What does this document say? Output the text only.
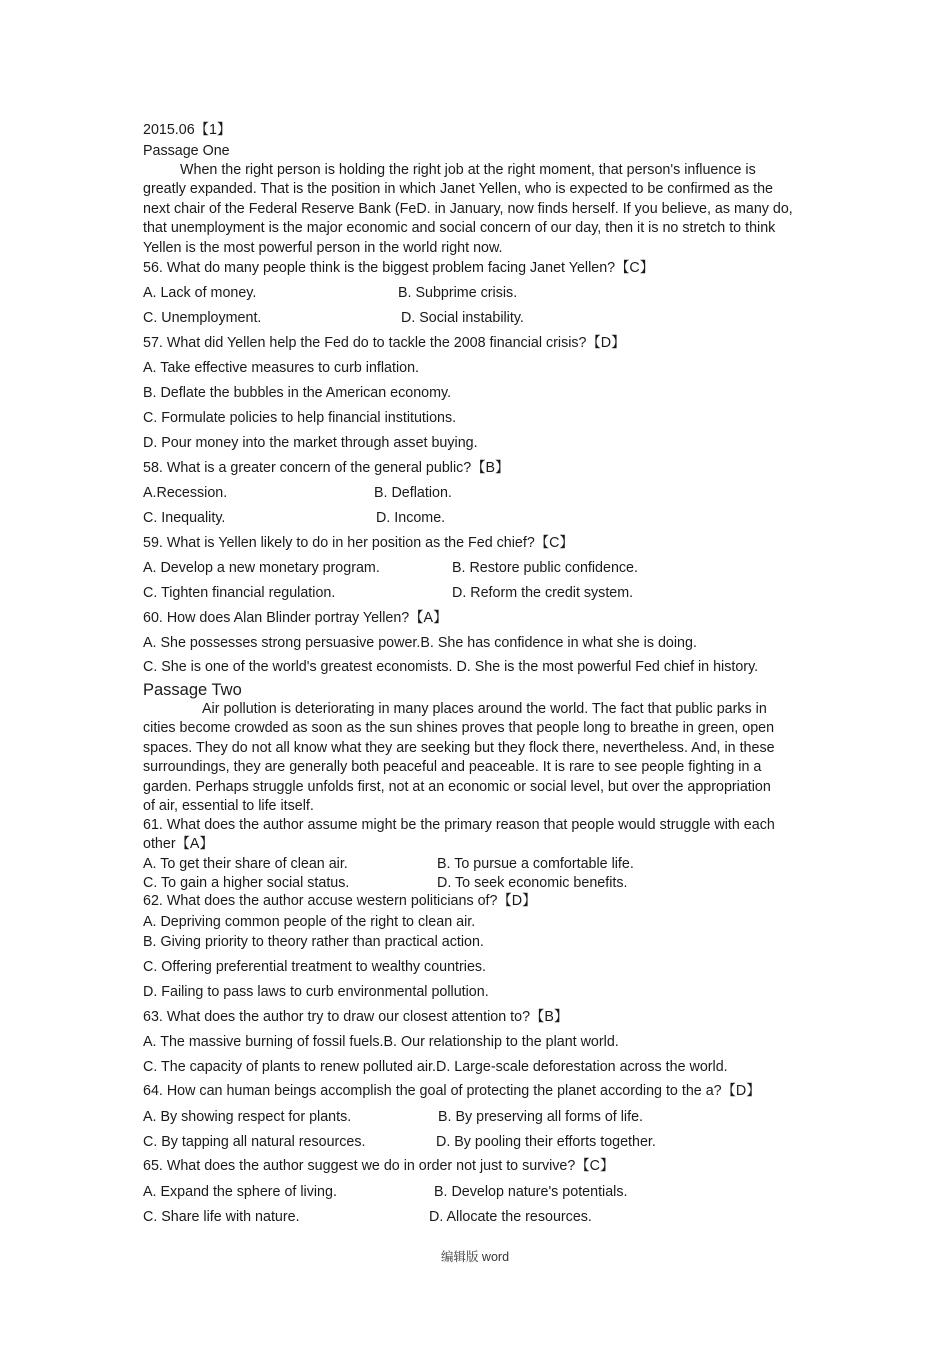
2015.06【1】
Passage One
When the right person is holding the right job at the right moment, that person's influence is
greatly expanded. That is the position in which Janet Yellen, who is expected to be confirmed as the
next chair of the Federal Reserve Bank (FeD. in January, now finds herself. If you believe, as many do,
that unemployment is the major economic and social concern of our day, then it is no stretch to think
Yellen is the most powerful person in the world right now.
56. What do many people think is the biggest problem facing Janet Yellen?【C】
A. Lack of money.	B. Subprime crisis.
C. Unemployment.	D. Social instability.
57. What did Yellen help the Fed do to tackle the 2008 financial crisis?【D】
A. Take effective measures to curb inflation.
B. Deflate the bubbles in the American economy.
C. Formulate policies to help financial institutions.
D. Pour money into the market through asset buying.
58. What is a greater concern of the general public?【B】
A.Recession.	B. Deflation.
C. Inequality.	D. Income.
59. What is Yellen likely to do in her position as the Fed chief?【C】
A. Develop a new monetary program.	B. Restore public confidence.
C. Tighten financial regulation.	D. Reform the credit system.
60. How does Alan Blinder portray Yellen?【A】
A. She possesses strong persuasive power.B. She has confidence in what she is doing.
C. She is one of the world's greatest economists. D. She is the most powerful Fed chief in history.
Passage Two
Air pollution is deteriorating in many places around the world. The fact that public parks in
cities become crowded as soon as the sun shines proves that people long to breathe in green, open
spaces. They do not all know what they are seeking but they flock there, nevertheless. And, in these
surroundings, they are generally both peaceful and peaceable. It is rare to see people fighting in a
garden. Perhaps struggle unfolds first, not at an economic or social level, but over the appropriation
of air, essential to life itself.
61. What does the author assume might be the primary reason that people would struggle with each
other【A】
A. To get their share of clean air.	B. To pursue a comfortable life.
C. To gain a higher social status.	D. To seek economic benefits.
62. What does the author accuse western politicians of?【D】
A. Depriving common people of the right to clean air.
B. Giving priority to theory rather than practical action.
C. Offering preferential treatment to wealthy countries.
D. Failing to pass laws to curb environmental pollution.
63. What does the author try to draw our closest attention to?【B】
A. The massive burning of fossil fuels.B. Our relationship to the plant world.
C. The capacity of plants to renew polluted air.D. Large-scale deforestation across the world.
64. How can human beings accomplish the goal of protecting the planet according to the a?【D】
A. By showing respect for plants.	B. By preserving all forms of life.
C. By tapping all natural resources.	D. By pooling their efforts together.
65. What does the author suggest we do in order not just to survive?【C】
A. Expand the sphere of living.	B. Develop nature's potentials.
C. Share life with nature.	D. Allocate the resources.
编辑版 word
